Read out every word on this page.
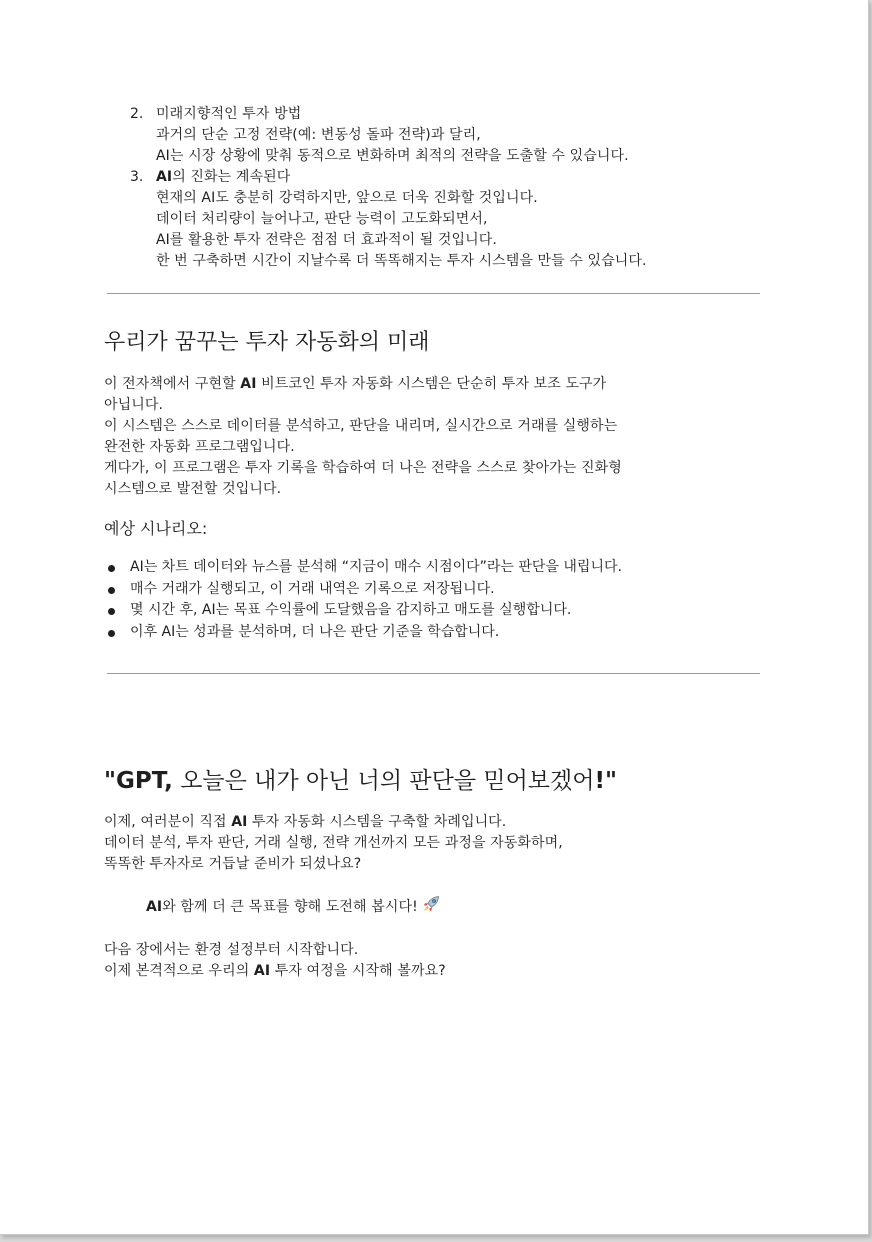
2. 미래지향적인 투자 방법
과거의 단순 고정 전략(예: 변동성 돌파 전략)과 달리,
AI는 시장 상황에 맞춰 동적으로 변화하며 최적의 전략을 도출할 수 있습니다.
3. AI의 진화는 계속된다
현재의 AI도 충분히 강력하지만, 앞으로 더욱 진화할 것입니다.
데이터 처리량이 늘어나고, 판단 능력이 고도화되면서,
AI를 활용한 투자 전략은 점점 더 효과적이 될 것입니다.
한 번 구축하면 시간이 지날수록 더 똑똑해지는 투자 시스템을 만들 수 있습니다.
우리가 꿈꾸는 투자 자동화의 미래
이 전자책에서 구현할 AI 비트코인 투자 자동화 시스템은 단순히 투자 보조 도구가
아닙니다.
이 시스템은 스스로 데이터를 분석하고, 판단을 내리며, 실시간으로 거래를 실행하는
완전한 자동화 프로그램입니다.
게다가, 이 프로그램은 투자 기록을 학습하여 더 나은 전략을 스스로 찾아가는 진화형
시스템으로 발전할 것입니다.
예상 시나리오:
AI는 차트 데이터와 뉴스를 분석해 “지금이 매수 시점이다”라는 판단을 내립니다.
매수 거래가 실행되고, 이 거래 내역은 기록으로 저장됩니다.
몇 시간 후, AI는 목표 수익률에 도달했음을 감지하고 매도를 실행합니다.
이후 AI는 성과를 분석하며, 더 나은 판단 기준을 학습합니다.
"GPT, 오늘은 내가 아닌 너의 판단을 믿어보겠어!"
이제, 여러분이 직접 AI 투자 자동화 시스템을 구축할 차례입니다.
데이터 분석, 투자 판단, 거래 실행, 전략 개선까지 모든 과정을 자동화하며,
똑똑한 투자자로 거듭날 준비가 되셨나요?
AI와 함께 더 큰 목표를 향해 도전해 봅시다!
다음 장에서는 환경 설정부터 시작합니다.
이제 본격적으로 우리의 AI 투자 여정을 시작해 볼까요?
